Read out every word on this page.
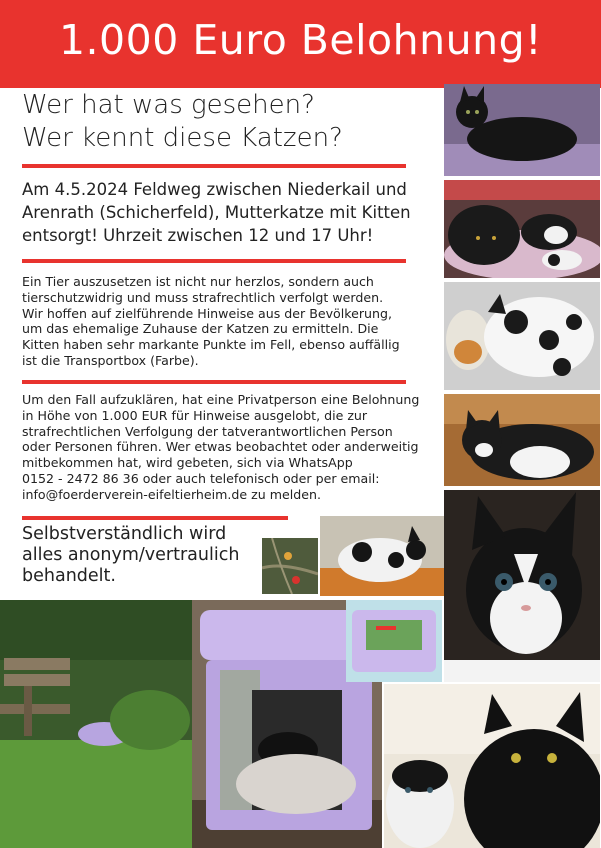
1.000 Euro Belohnung!
Wer hat was gesehen?
Wer kennt diese Katzen?
Am 4.5.2024 Feldweg zwischen Niederkail und
Arenrath (Schicherfeld), Mutterkatze mit Kitten
entsorgt! Uhrzeit zwischen 12 und 17 Uhr!
Ein Tier auszusetzen ist nicht nur herzlos, sondern auch
tierschutzwidrig und muss strafrechtlich verfolgt werden.
Wir hoffen auf zielführende Hinweise aus der Bevölkerung,
um das ehemalige Zuhause der Katzen zu ermitteln. Die
Kitten haben sehr markante Punkte im Fell, ebenso auffällig
ist die Transportbox (Farbe).
Um den Fall aufzuklären, hat eine Privatperson eine Belohnung
in Höhe von 1.000 EUR für Hinweise ausgelobt, die zur
strafrechtlichen Verfolgung der tatverantwortlichen Person
oder Personen führen. Wer etwas beobachtet oder anderweitig
mitbekommen hat, wird gebeten, sich via WhatsApp
0152 - 2472 86 36 oder auch telefonisch oder per email:
info@foerderverein-eifeltierheim.de zu melden.
Selbstverständlich wird
alles anonym/vertraulich
behandelt.
